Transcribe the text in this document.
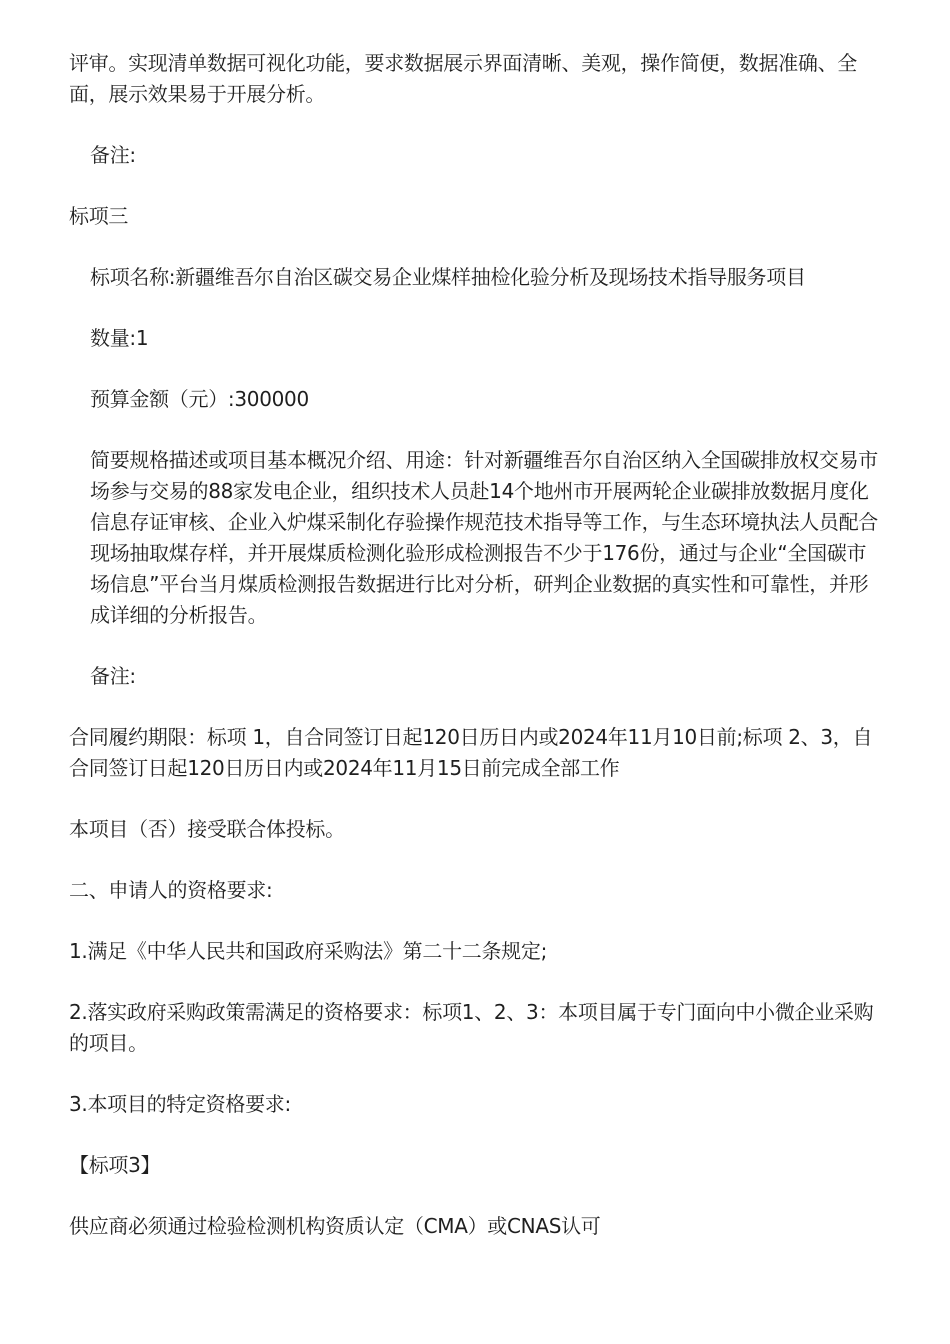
评审。实现清单数据可视化功能，要求数据展示界面清晰、美观，操作简便，数据准确、全面，展示效果易于开展分析。

备注:

标项三

标项名称:新疆维吾尔自治区碳交易企业煤样抽检化验分析及现场技术指导服务项目

数量:1

预算金额（元）:300000

简要规格描述或项目基本概况介绍、用途：针对新疆维吾尔自治区纳入全国碳排放权交易市场参与交易的88家发电企业，组织技术人员赴14个地州市开展两轮企业碳排放数据月度化信息存证审核、企业入炉煤采制化存验操作规范技术指导等工作，与生态环境执法人员配合现场抽取煤存样，并开展煤质检测化验形成检测报告不少于176份，通过与企业“全国碳市场信息”平台当月煤质检测报告数据进行比对分析，研判企业数据的真实性和可靠性，并形成详细的分析报告。

备注:

合同履约期限：标项 1，自合同签订日起120日历日内或2024年11月10日前;标项 2、3，自合同签订日起120日历日内或2024年11月15日前完成全部工作

本项目（否）接受联合体投标。

二、申请人的资格要求:

1.满足《中华人民共和国政府采购法》第二十二条规定;

2.落实政府采购政策需满足的资格要求：标项1、2、3：本项目属于专门面向中小微企业采购的项目。

3.本项目的特定资格要求:

【标项3】

供应商必须通过检验检测机构资质认定（CMA）或CNAS认可
